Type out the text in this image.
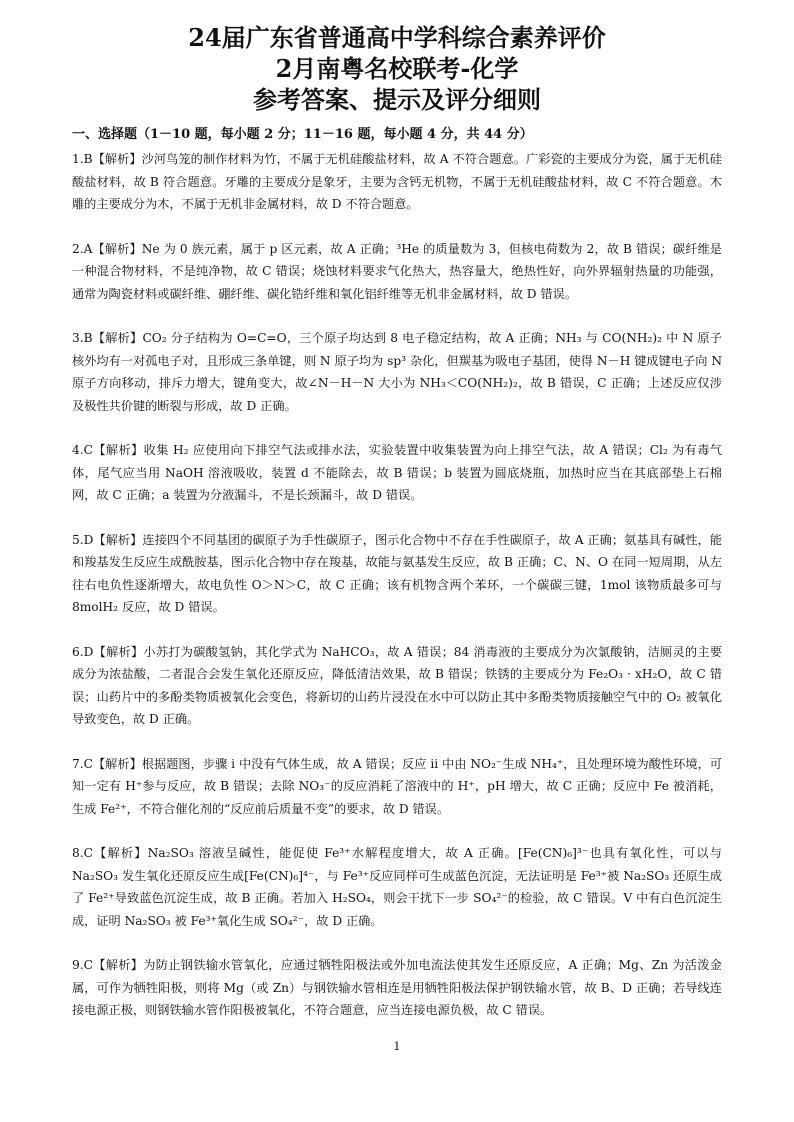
24届广东省普通高中学科综合素养评价

2月南粤名校联考-化学

参考答案、提示及评分细则

一、选择题（1－10 题，每小题 2 分；11－16 题，每小题 4 分，共 44 分）

1.B【解析】沙河鸟笼的制作材料为竹，不属于无机硅酸盐材料，故 A 不符合题意。广彩瓷的主要成分为瓷，属于无机硅酸盐材料，故 B 符合题意。牙雕的主要成分是象牙，主要为含钙无机物，不属于无机硅酸盐材料，故 C 不符合题意。木雕的主要成分为木，不属于无机非金属材料，故 D 不符合题意。

2.A【解析】Ne 为 0 族元素，属于 p 区元素，故 A 正确；³He 的质量数为 3，但核电荷数为 2，故 B 错误；碳纤维是一种混合物材料，不是纯净物，故 C 错误；烧蚀材料要求气化热大，热容量大，绝热性好，向外界辐射热量的功能强，通常为陶瓷材料或碳纤维、硼纤维、碳化锆纤维和氧化铝纤维等无机非金属材料，故 D 错误。

3.B【解析】CO₂ 分子结构为 O=C=O，三个原子均达到 8 电子稳定结构，故 A 正确；NH₃ 与 CO(NH₂)₂ 中 N 原子核外均有一对孤电子对，且形成三条单键，则 N 原子均为 sp³ 杂化，但羰基为吸电子基团，使得 N－H 键成键电子向 N 原子方向移动，排斥力增大，键角变大，故∠N－H－N 大小为 NH₃＜CO(NH₂)₂，故 B 错误，C 正确；上述反应仅涉及极性共价键的断裂与形成，故 D 正确。

4.C【解析】收集 H₂ 应使用向下排空气法或排水法，实验装置中收集装置为向上排空气法，故 A 错误；Cl₂ 为有毒气体，尾气应当用 NaOH 溶液吸收，装置 d 不能除去，故 B 错误；b 装置为圆底烧瓶，加热时应当在其底部垫上石棉网，故 C 正确；a 装置为分液漏斗，不是长颈漏斗，故 D 错误。

5.D【解析】连接四个不同基团的碳原子为手性碳原子，图示化合物中不存在手性碳原子，故 A 正确；氨基具有碱性，能和羧基发生反应生成酰胺基，图示化合物中存在羧基，故能与氨基发生反应，故 B 正确；C、N、O 在同一短周期，从左往右电负性逐渐增大，故电负性 O＞N＞C，故 C 正确；该有机物含两个苯环，一个碳碳三键，1mol 该物质最多可与 8molH₂ 反应，故 D 错误。

6.D【解析】小苏打为碳酸氢钠，其化学式为 NaHCO₃，故 A 错误；84 消毒液的主要成分为次氯酸钠，洁厕灵的主要成分为浓盐酸，二者混合会发生氧化还原反应，降低清洁效果，故 B 错误；铁锈的主要成分为 Fe₂O₃ · xH₂O，故 C 错误；山药片中的多酚类物质被氧化会变色，将新切的山药片浸没在水中可以防止其中多酚类物质接触空气中的 O₂ 被氧化导致变色，故 D 正确。

7.C【解析】根据题图，步骤 i 中没有气体生成，故 A 错误；反应 ii 中由 NO₂⁻生成 NH₄⁺，且处理环境为酸性环境，可知一定有 H⁺参与反应，故 B 错误；去除 NO₃⁻的反应消耗了溶液中的 H⁺，pH 增大，故 C 正确；反应中 Fe 被消耗，生成 Fe²⁺，不符合催化剂的“反应前后质量不变”的要求，故 D 错误。

8.C【解析】Na₂SO₃ 溶液呈碱性，能促使 Fe³⁺水解程度增大，故 A 正确。[Fe(CN)₆]³⁻也具有氧化性，可以与 Na₂SO₃ 发生氧化还原反应生成[Fe(CN)₆]⁴⁻，与 Fe³⁺反应同样可生成蓝色沉淀，无法证明是 Fe³⁺被 Na₂SO₃ 还原生成了 Fe²⁺导致蓝色沉淀生成，故 B 正确。若加入 H₂SO₄，则会干扰下一步 SO₄²⁻的检验，故 C 错误。V 中有白色沉淀生成，证明 Na₂SO₃ 被 Fe³⁺氧化生成 SO₄²⁻，故 D 正确。

9.C【解析】为防止钢铁输水管氧化，应通过牺牲阳极法或外加电流法使其发生还原反应，A 正确；Mg、Zn 为活泼金属，可作为牺牲阳极，则将 Mg（或 Zn）与钢铁输水管相连是用牺牲阳极法保护钢铁输水管，故 B、D 正确；若导线连接电源正极，则钢铁输水管作阳极被氧化，不符合题意，应当连接电源负极，故 C 错误。

1
